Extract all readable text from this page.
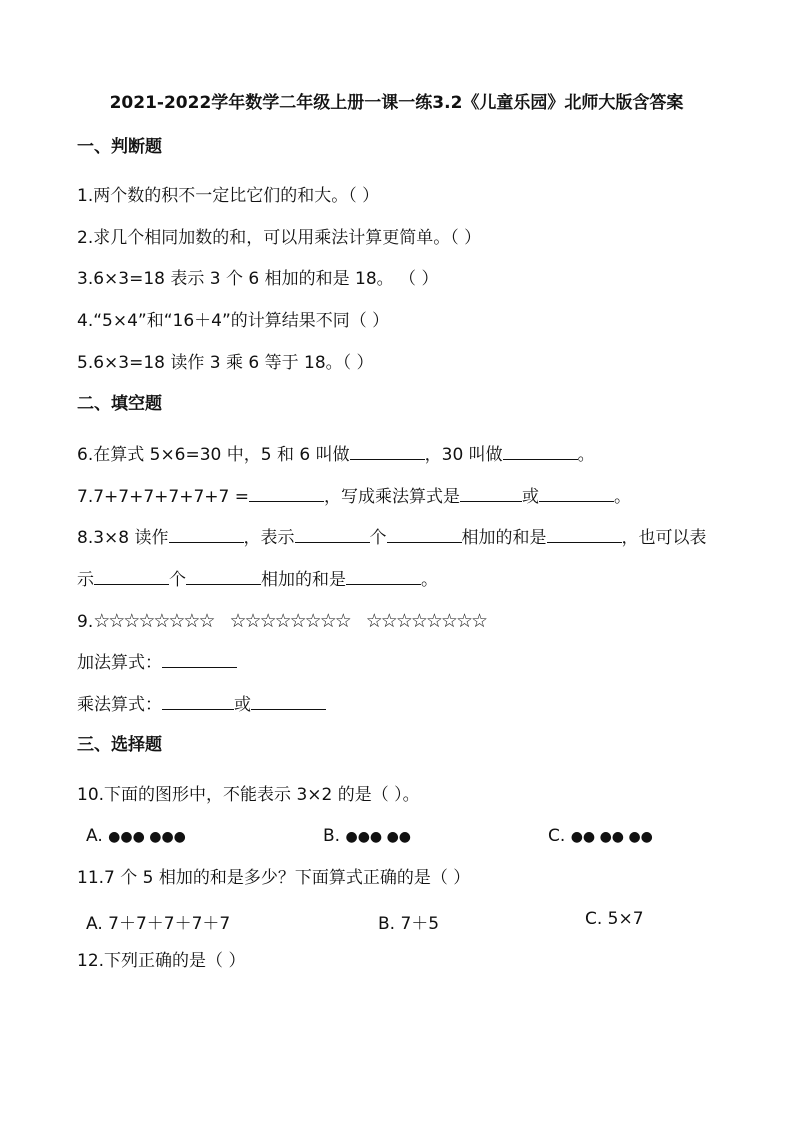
2021-2022学年数学二年级上册一课一练3.2《儿童乐园》北师大版含答案
一、判断题
1.两个数的积不一定比它们的和大。（ ）
2.求几个相同加数的和，可以用乘法计算更简单。（ ）
3.6×3=18 表示 3 个 6 相加的和是 18。 （ ）
4.“5×4”和“16＋4”的计算结果不同（ ）
5.6×3=18 读作 3 乘 6 等于 18。（ ）
二、填空题
6.在算式 5×6=30 中，5 和 6 叫做	，30 叫做	。
7.7+7+7+7+7+7 =	，写成乘法算式是	或	。
8.3×8 读作	，表示	个	相加的和是	，也可以表
示	个	相加的和是	。
9.☆☆☆☆☆☆☆☆ ☆☆☆☆☆☆☆☆ ☆☆☆☆☆☆☆☆
加法算式：
乘法算式：	或
三、选择题
10.下面的图形中，不能表示 3×2 的是（ ）。
A. ●●● ●●●	B. ●●● ●●	C. ●● ●● ●●
11.7 个 5 相加的和是多少？下面算式正确的是（ ）
A. 7＋7＋7＋7＋7	B. 7＋5	C. 5×7
12.下列正确的是（ ）
